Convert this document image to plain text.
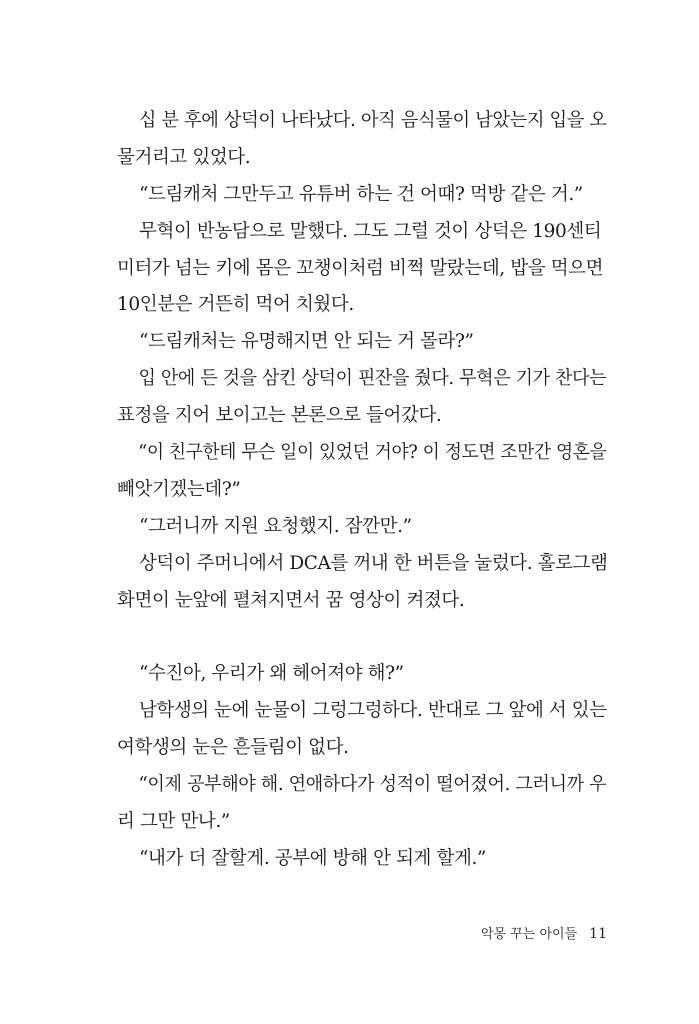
십 분 후에 상덕이 나타났다. 아직 음식물이 남았는지 입을 오
물거리고 있었다.
“드림캐처 그만두고 유튜버 하는 건 어때? 먹방 같은 거.”
무혁이 반농담으로 말했다. 그도 그럴 것이 상덕은 190센티
미터가 넘는 키에 몸은 꼬챙이처럼 비쩍 말랐는데, 밥을 먹으면
10인분은 거뜬히 먹어 치웠다.
“드림캐처는 유명해지면 안 되는 거 몰라?”
입 안에 든 것을 삼킨 상덕이 핀잔을 줬다. 무혁은 기가 찬다는
표정을 지어 보이고는 본론으로 들어갔다.
“이 친구한테 무슨 일이 있었던 거야? 이 정도면 조만간 영혼을
빼앗기겠는데?”
“그러니까 지원 요청했지. 잠깐만.”
상덕이 주머니에서 DCA를 꺼내 한 버튼을 눌렀다. 홀로그램
화면이 눈앞에 펼쳐지면서 꿈 영상이 켜졌다.
“수진아, 우리가 왜 헤어져야 해?”
남학생의 눈에 눈물이 그렁그렁하다. 반대로 그 앞에 서 있는
여학생의 눈은 흔들림이 없다.
“이제 공부해야 해. 연애하다가 성적이 떨어졌어. 그러니까 우
리 그만 만나.”
“내가 더 잘할게. 공부에 방해 안 되게 할게.”
악몽 꾸는 아이들 11
